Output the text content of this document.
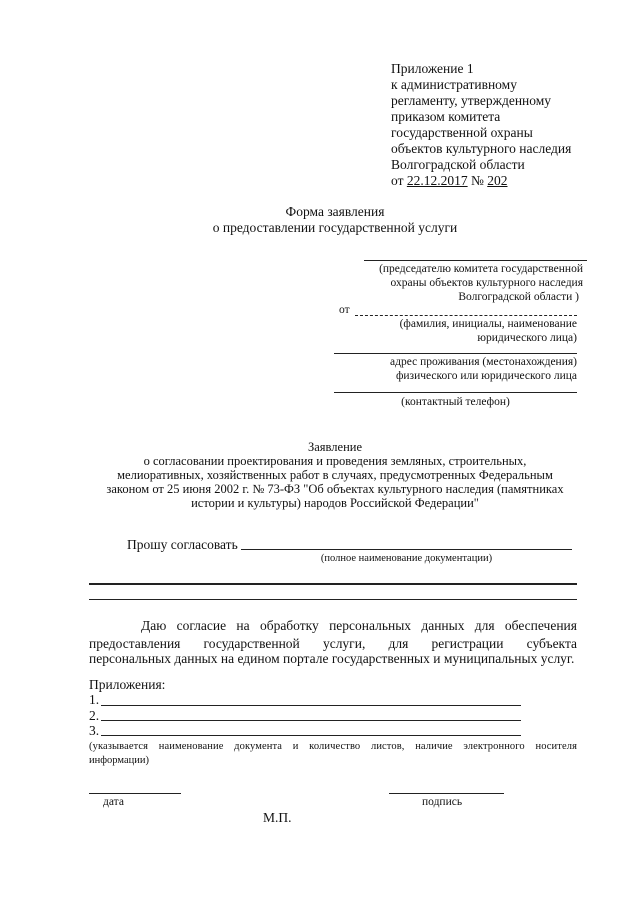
Приложение 1
к административному
регламенту, утвержденному
приказом комитета
государственной охраны
объектов культурного наследия
Волгоградской области
от 22.12.2017 № 202
Форма заявления
о предоставлении государственной услуги
(председателю комитета государственной
охраны объектов культурного наследия
Волгоградской области )
от
(фамилия, инициалы, наименование
юридического лица)
адрес проживания (местонахождения)
физического или юридического лица
(контактный телефон)
Заявление
о согласовании проектирования и проведения земляных, строительных,
мелиоративных, хозяйственных работ в случаях, предусмотренных Федеральным
законом от 25 июня 2002 г. № 73-ФЗ "Об объектах культурного наследия (памятниках
истории и культуры) народов Российской Федерации"
Прошу согласовать
(полное наименование документации)
Даю согласие на обработку персональных данных для обеспечения
предоставления государственной услуги, для регистрации субъекта
персональных данных на едином портале государственных и муниципальных услуг.
Приложения:
1.
2.
3.
(указывается наименование документа и количество листов, наличие электронного носителя
информации)
дата	подпись
М.П.
